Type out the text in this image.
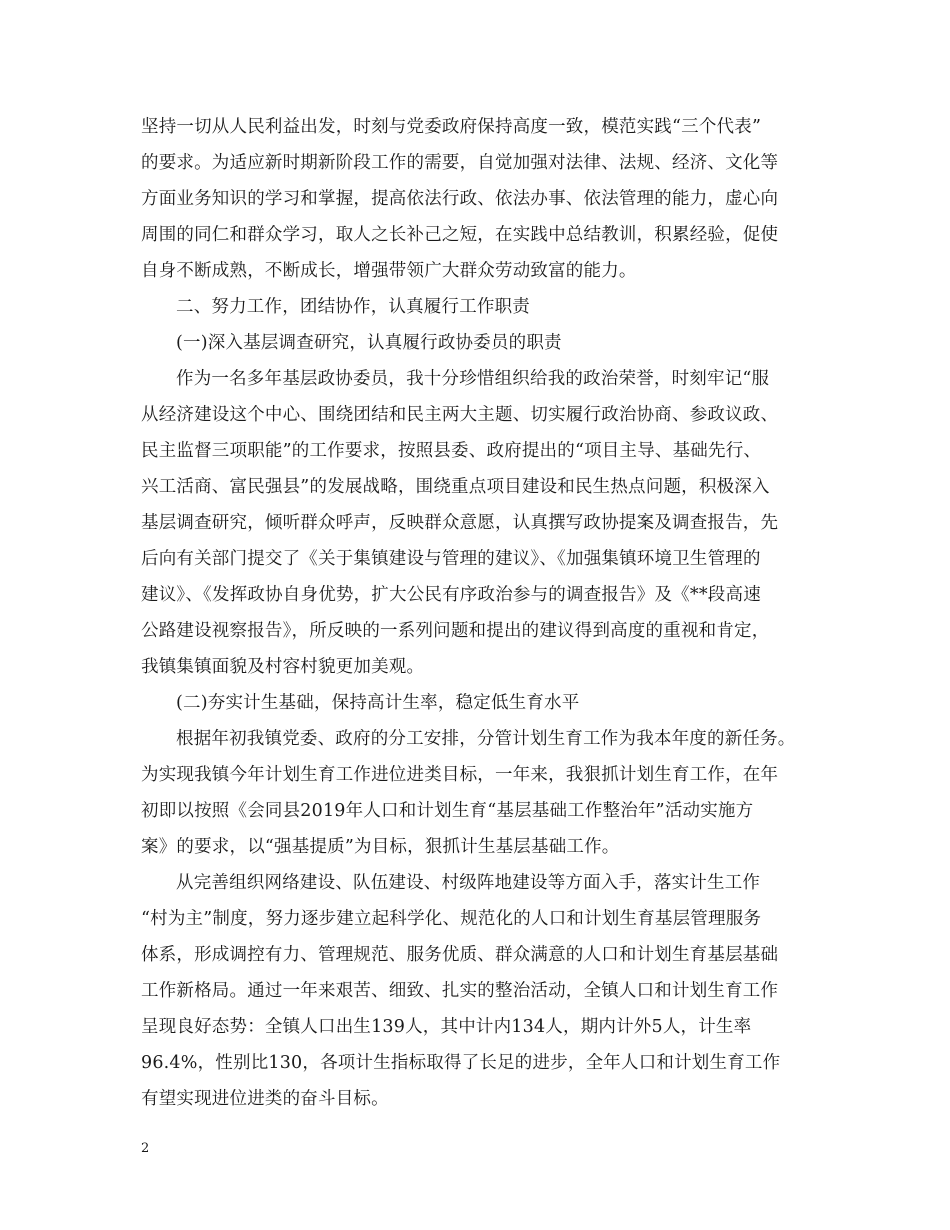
坚持一切从人民利益出发，时刻与党委政府保持高度一致，模范实践“三个代表”
的要求。为适应新时期新阶段工作的需要，自觉加强对法律、法规、经济、文化等
方面业务知识的学习和掌握，提高依法行政、依法办事、依法管理的能力，虚心向
周围的同仁和群众学习，取人之长补己之短，在实践中总结教训，积累经验，促使
自身不断成熟，不断成长，增强带领广大群众劳动致富的能力。
二、努力工作，团结协作，认真履行工作职责
(一)深入基层调查研究，认真履行政协委员的职责
作为一名多年基层政协委员，我十分珍惜组织给我的政治荣誉，时刻牢记“服
从经济建设这个中心、围绕团结和民主两大主题、切实履行政治协商、参政议政、
民主监督三项职能”的工作要求，按照县委、政府提出的“项目主导、基础先行、
兴工活商、富民强县”的发展战略，围绕重点项目建设和民生热点问题，积极深入
基层调查研究，倾听群众呼声，反映群众意愿，认真撰写政协提案及调查报告，先
后向有关部门提交了《关于集镇建设与管理的建议》、《加强集镇环境卫生管理的
建议》、《发挥政协自身优势，扩大公民有序政治参与的调查报告》及《**段高速
公路建设视察报告》，所反映的一系列问题和提出的建议得到高度的重视和肯定，
我镇集镇面貌及村容村貌更加美观。
(二)夯实计生基础，保持高计生率，稳定低生育水平
根据年初我镇党委、政府的分工安排，分管计划生育工作为我本年度的新任务。
为实现我镇今年计划生育工作进位进类目标，一年来，我狠抓计划生育工作，在年
初即以按照《会同县2019年人口和计划生育“基层基础工作整治年”活动实施方
案》的要求，以“强基提质”为目标，狠抓计生基层基础工作。
从完善组织网络建设、队伍建设、村级阵地建设等方面入手，落实计生工作
“村为主”制度，努力逐步建立起科学化、规范化的人口和计划生育基层管理服务
体系，形成调控有力、管理规范、服务优质、群众满意的人口和计划生育基层基础
工作新格局。通过一年来艰苦、细致、扎实的整治活动，全镇人口和计划生育工作
呈现良好态势：全镇人口出生139人，其中计内134人，期内计外5人，计生率
96.4%，性别比130，各项计生指标取得了长足的进步，全年人口和计划生育工作
有望实现进位进类的奋斗目标。
2
